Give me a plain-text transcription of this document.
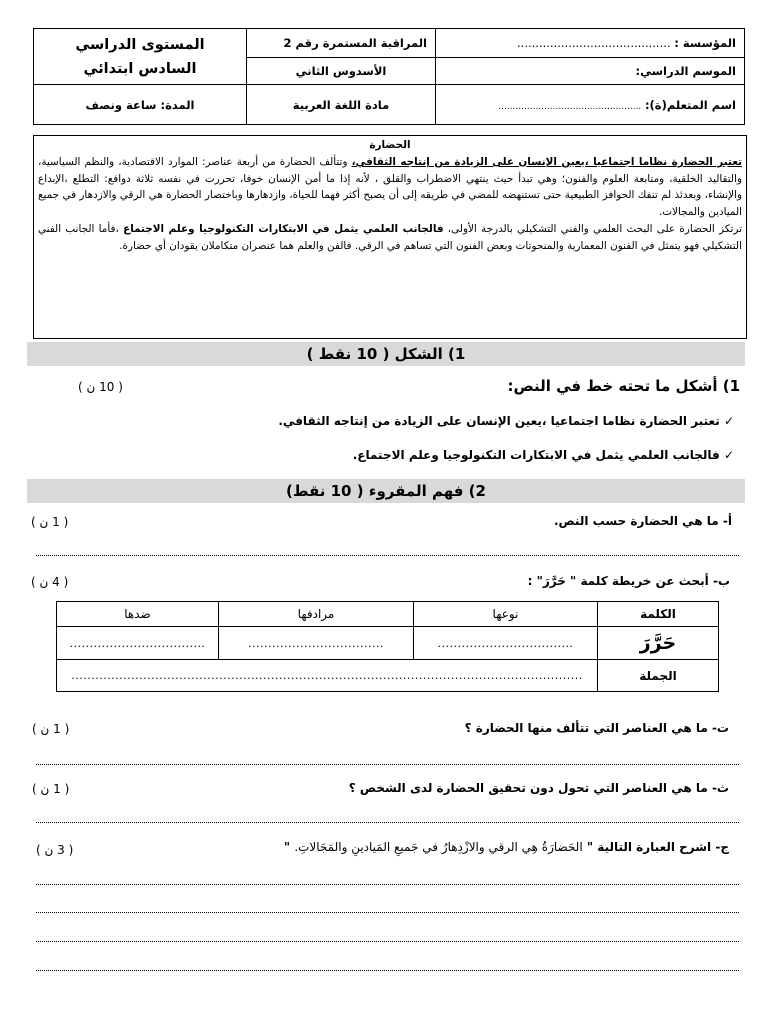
المؤسسة : ..........................................	المراقبة المستمرة رقم 2	المستوى الدراسي
السادس ابتدائي
الموسم الدراسي:	الأسدوس الثاني	
اسم المتعلم(ة): ..................................................	مادة اللغة العربية	المدة: ساعة ونصف
الحضارة

تعتبر الحضارة نظاما اجتماعيا ،يعين الإنسان على الزيادة من إنتاجه الثقافي، وتتألف الحضارة من أربعة عناصر: الموارد الاقتصادية، والنظم السياسية، والتقاليد الخلقية، ومتابعة العلوم والفنون؛ وهي تبدأ حيث ينتهي الاضطراب والقلق ، لأنه إذا ما أمن الإنسان خوفا، تحررت في نفسه ثلاثة دوافع: التطلع ،الإبداع والإنشاء، وبعدئذ لم تنفك الحوافز الطبيعية حتى تستنهضه للمضي في طريقه إلى أن يصبح أكثر فهما للحياة، وازدهارها وباختصار الحضارة هي الرقي والازدهار في جميع الميادين والمجالات.

ترتكز الحضارة على البحث العلمي والفني التشكيلي بالدرجة الأولى، فالجانب العلمي يثمل في الابتكارات التكنولوجيا وعلم الاجتماع ،فأما الجانب الفني التشكيلي فهو يتمثل في الفنون المعمارية والمنحوتات وبعض الفنون التي تساهم في الرقي. فالفن والعلم هما عنصران متكاملان يقودان أي حضارة.

1) الشكل ( 10 نقط )
1) أشكل ما تحته خط في النص:
( 10 ن )
✓ تعتبر الحضارة نظاما اجتماعيا ،يعين الإنسان على الزيادة من إنتاجه الثقافي.
✓ فالجانب العلمي يثمل في الابتكارات التكنولوجيا وعلم الاجتماع.
2) فهم المقروء ( 10 نقط)
أ- ما هي الحضارة حسب النص.
( 1 ن )
ب- أبحث عن خريطة كلمة " حَرَّرَ" :
( 4 ن )
الكلمة	نوعها	مرادفها	ضدها
حَرَّرَ	..................................	..................................	..................................
الجملة	................................................................................................................................		
ت- ما هي العناصر التي تتألف منها الحضارة ؟
( 1 ن )
ث- ما هي العناصر التي تحول دون تحقيق الحضارة لدى الشخص ؟
( 1 ن )
ج- اشرح العبارة التالية " الحَضارَةُ هِي الرقي والازْدِهارُ في جَميعِ المَيادينِ والمَجَالاتِ. "
( 3 ن )
